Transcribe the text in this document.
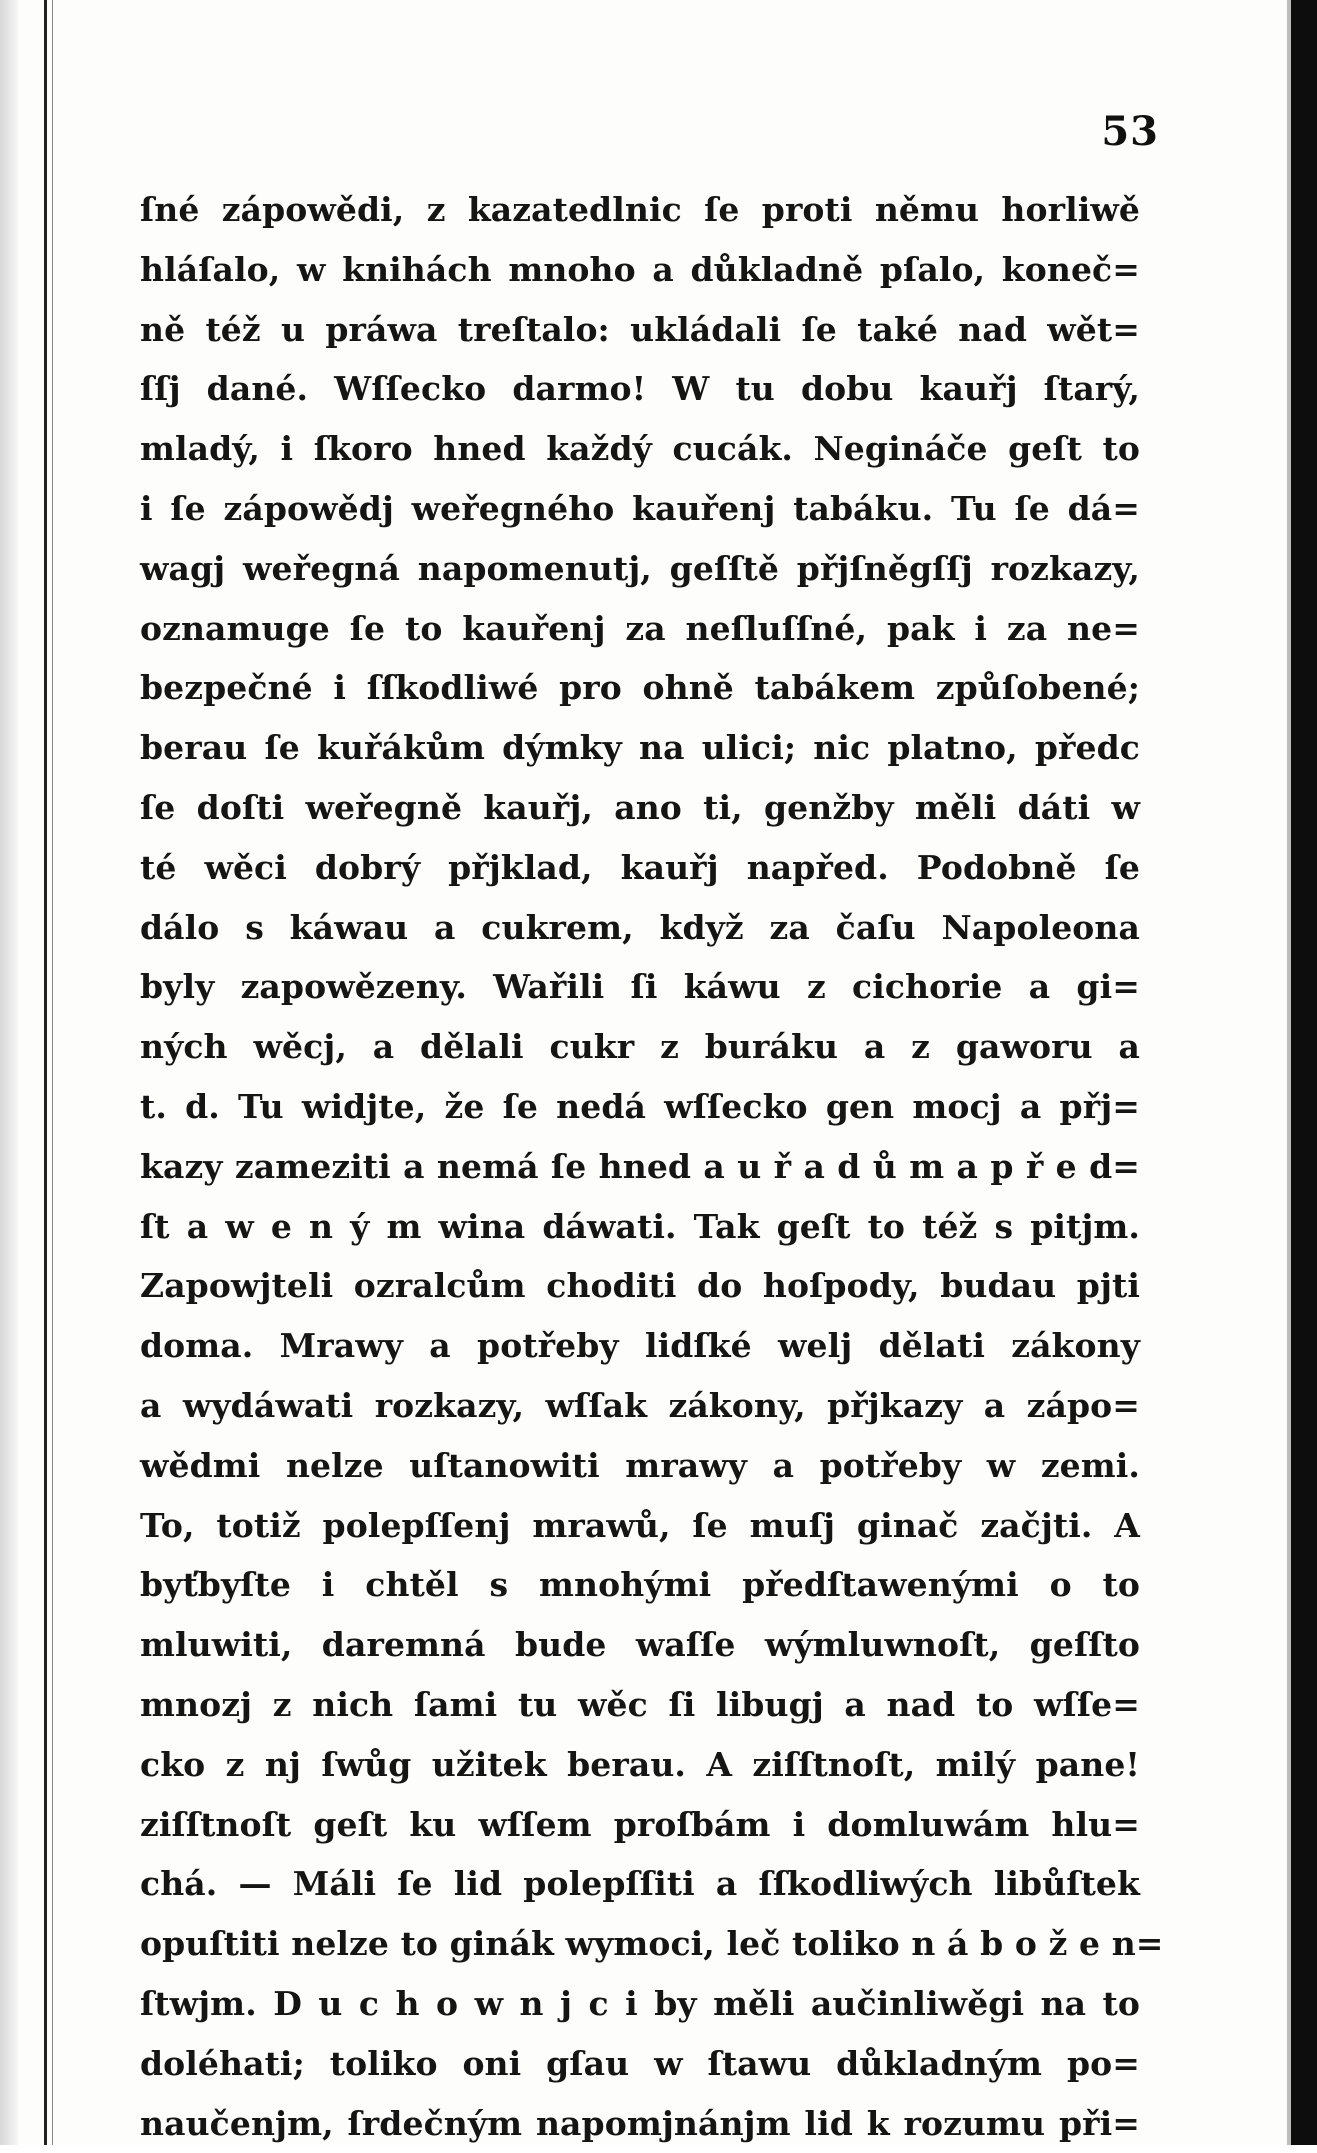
53
ſné zápowědi, z kazatedlnic ſe proti němu horliwě
hláſalo, w knihách mnoho a důkladně pſalo, koneč=
ně též u práwa treſtalo: ukládali ſe také nad wět=
ſſj dané. Wſſecko darmo! W tu dobu kauřj ſtarý,
mladý, i ſkoro hned každý cucák. Negináče geſt to
i ſe zápowědj weřegného kauřenj tabáku. Tu ſe dá=
wagj weřegná napomenutj, geſſtě přjſněgſſj rozkazy,
oznamuge ſe to kauřenj za neſluſſné, pak i za ne=
bezpečné i ſſkodliwé pro ohně tabákem způſobené;
berau ſe kuřákům dýmky na ulici; nic platno, předc
ſe doſti weřegně kauřj, ano ti, genžby měli dáti w
té wěci dobrý přjklad, kauřj napřed. Podobně ſe
dálo s káwau a cukrem, když za čaſu Napoleona
byly zapowězeny. Wařili ſi káwu z cichorie a gi=
ných wěcj, a dělali cukr z buráku a z gaworu a
t. d. Tu widjte, že ſe nedá wſſecko gen mocj a přj=
kazy zameziti a nemá ſe hned a u ř a d ů m a p ř e d=
ſt a w e n ý m wina dáwati. Tak geſt to též s pitjm.
Zapowjteli ozralcům choditi do hoſpody, budau pjti
doma. Mrawy a potřeby lidſké welj dělati zákony
a wydáwati rozkazy, wſſak zákony, přjkazy a zápo=
wědmi nelze uſtanowiti mrawy a potřeby w zemi.
To, totiž polepſſenj mrawů, ſe muſj ginač začjti. A
byťbyſte i chtěl s mnohými předſtawenými o to
mluwiti, daremná bude waſſe wýmluwnoſt, geſſto
mnozj z nich ſami tu wěc ſi libugj a nad to wſſe=
cko z nj ſwůg užitek berau. A ziſſtnoſt, milý pane!
ziſſtnoſt geſt ku wſſem proſbám i domluwám hlu=
chá. — Máli ſe lid polepſſiti a ſſkodliwých libůſtek
opuſtiti nelze to ginák wymoci, leč toliko n á b o ž e n=
ſtwjm. D u c h o w n j c i by měli aučinliwěgi na to
doléhati; toliko oni gſau w ſtawu důkladným po=
naučenjm, ſrdečným napomjnánjm lid k rozumu při=
